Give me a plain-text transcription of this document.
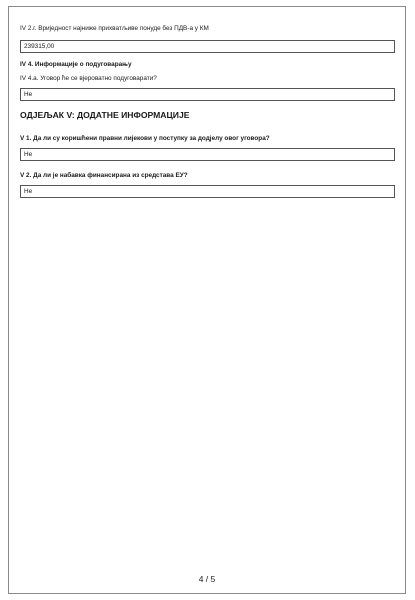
IV 2.г. Вриједност најниже прихватљиве понуде без ПДВ-а у КМ

239315,00

IV 4. Информације о подуговарању

IV 4.а. Уговор ће се вјероватно подуговарати?

Не

ОДЈЕЉАК V: ДОДАТНЕ ИНФОРМАЦИЈЕ

V 1. Да ли су коришћени правни лијекови у поступку за додјелу овог уговора?

Не

V 2. Да ли је набавка финансирана из средстава ЕУ?

Не
4 / 5
